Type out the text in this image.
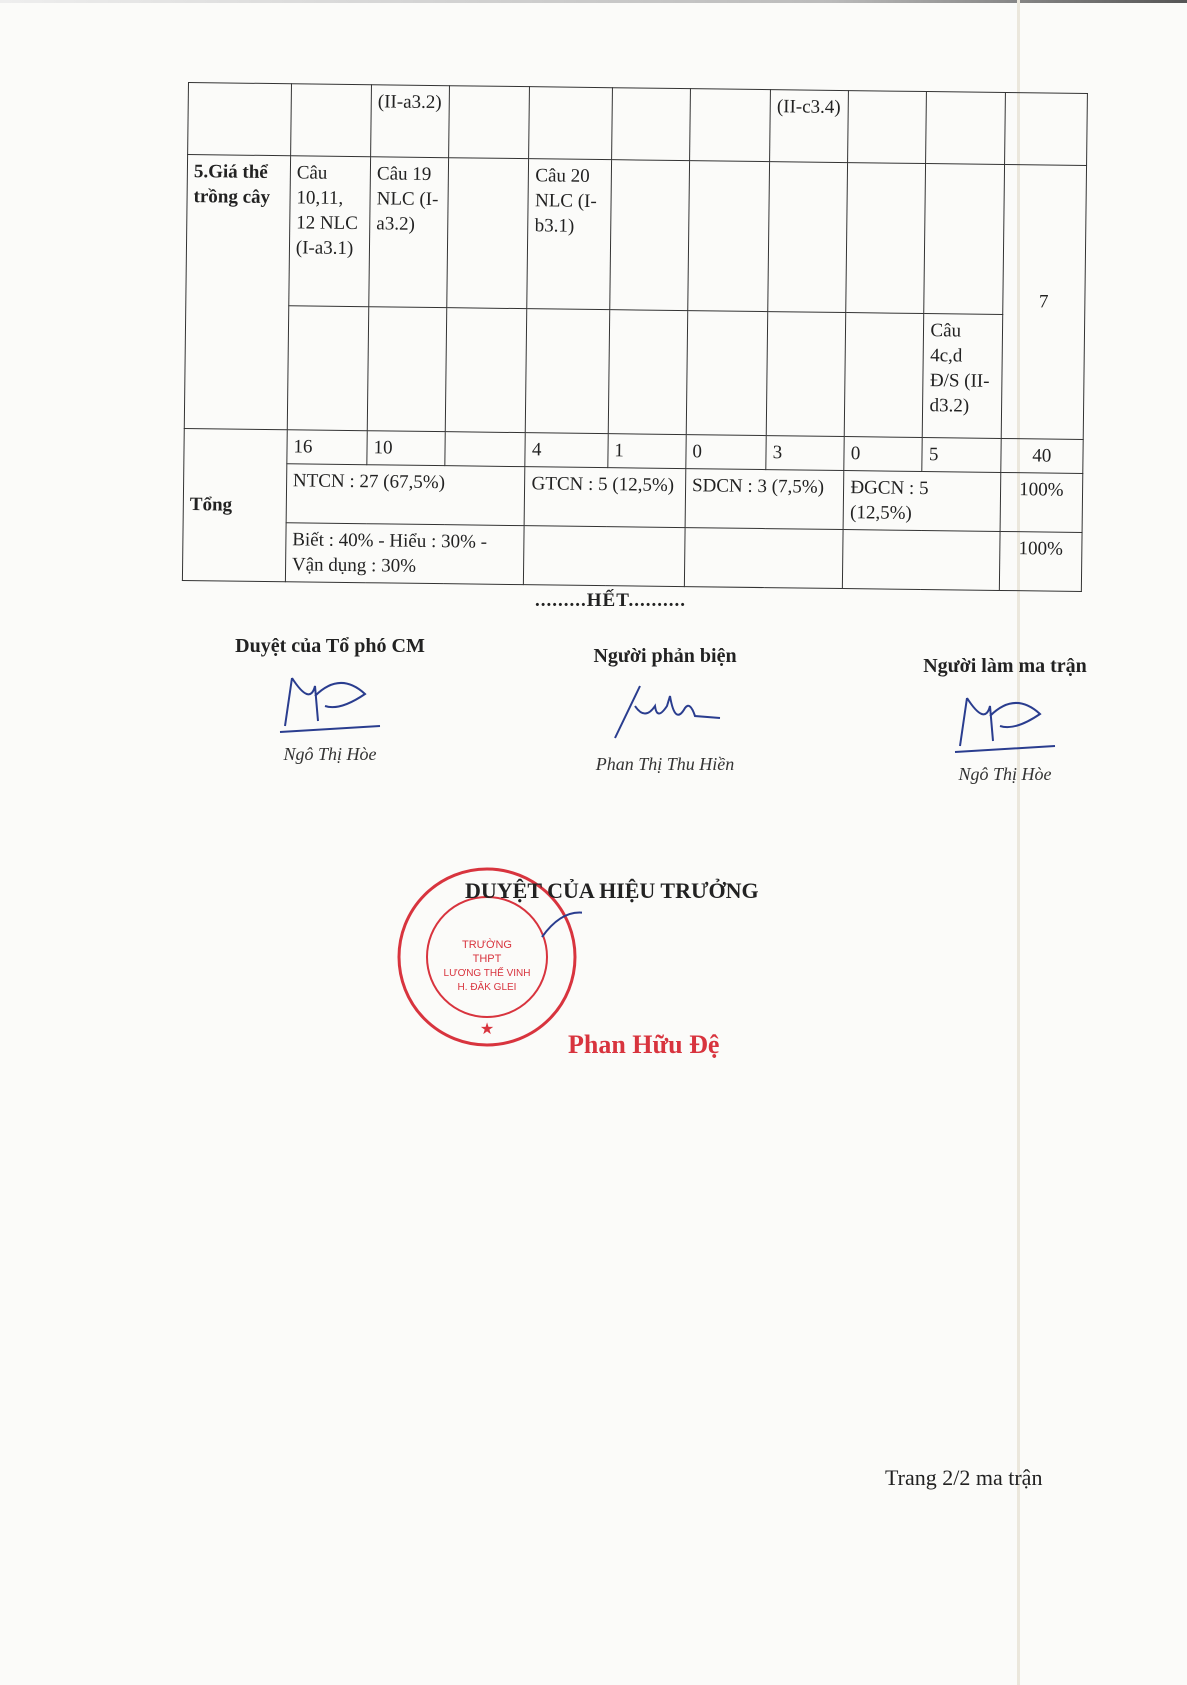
		(II-a3.2)					(II-c3.4)			
5.Giá thể trồng cây	Câu 10,11, 12 NLC (I-a3.1)	Câu 19 NLC (I-a3.2)		Câu 20 NLC (I-b3.1)						7
									Câu 4c,d Đ/S (II-d3.2)	
Tổng	16	10		4	1	0	3	0	5	40
	NTCN : 27 (67,5%)			GTCN : 5 (12,5%)		SDCN : 3 (7,5%)		ĐGCN : 5 (12,5%)		100%
	Biết : 40% - Hiểu : 30% - Vận dụng : 30%									100%
.........HẾT..........
Duyệt của Tổ phó CM
Ngô Thị Hòe
Người phản biện
Phan Thị Thu Hiền
Người làm ma trận
Ngô Thị Hòe
TRƯỜNG
THPT
LƯƠNG THẾ VINH
H. ĐĂK GLEI
★
DUYỆT CỦA HIỆU TRƯỞNG
Phan Hữu Đệ
Trang 2/2 ma trận
